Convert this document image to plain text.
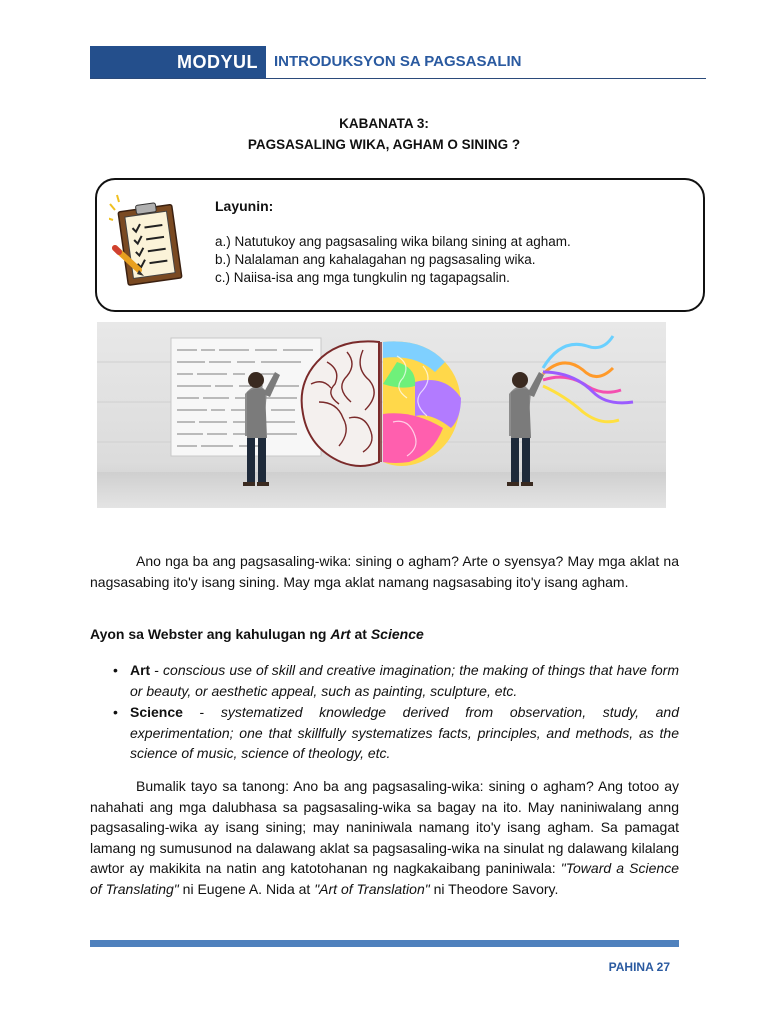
MODYUL	INTRODUKSYON SA PAGSASALIN
KABANATA 3:
PAGSASALING WIKA, AGHAM O SINING ?
Layunin:
a.) Natutukoy ang pagsasaling wika bilang sining at agham.
b.) Nalalaman ang kahalagahan ng pagsasaling wika.
c.) Naiisa-isa ang mga tungkulin ng tagapagsalin.
Ano nga ba ang pagsasaling-wika: sining o agham? Arte o syensya? May mga aklat na nagsasabing ito'y isang sining. May mga aklat namang nagsasabing ito'y isang agham.
Ayon sa Webster ang kahulugan ng Art at Science
• Art - conscious use of skill and creative imagination; the making of things that have form or beauty, or aesthetic appeal, such as painting, sculpture, etc.
• Science - systematized knowledge derived from observation, study, and experimentation; one that skillfully systematizes facts, principles, and methods, as the science of music, science of theology, etc.
Bumalik tayo sa tanong: Ano ba ang pagsasaling-wika: sining o agham? Ang totoo ay nahahati ang mga dalubhasa sa pagsasaling-wika sa bagay na ito. May naniniwalang anng pagsasaling-wika ay isang sining; may naniniwala namang ito'y isang agham. Sa pamagat lamang ng sumusunod na dalawang aklat sa pagsasaling-wika na sinulat ng dalawang kilalang awtor ay makikita na natin ang katotohanan ng nagkakaibang paniniwala: "Toward a Science of Translating" ni Eugene A. Nida at "Art of Translation" ni Theodore Savory.
PAHINA 27
